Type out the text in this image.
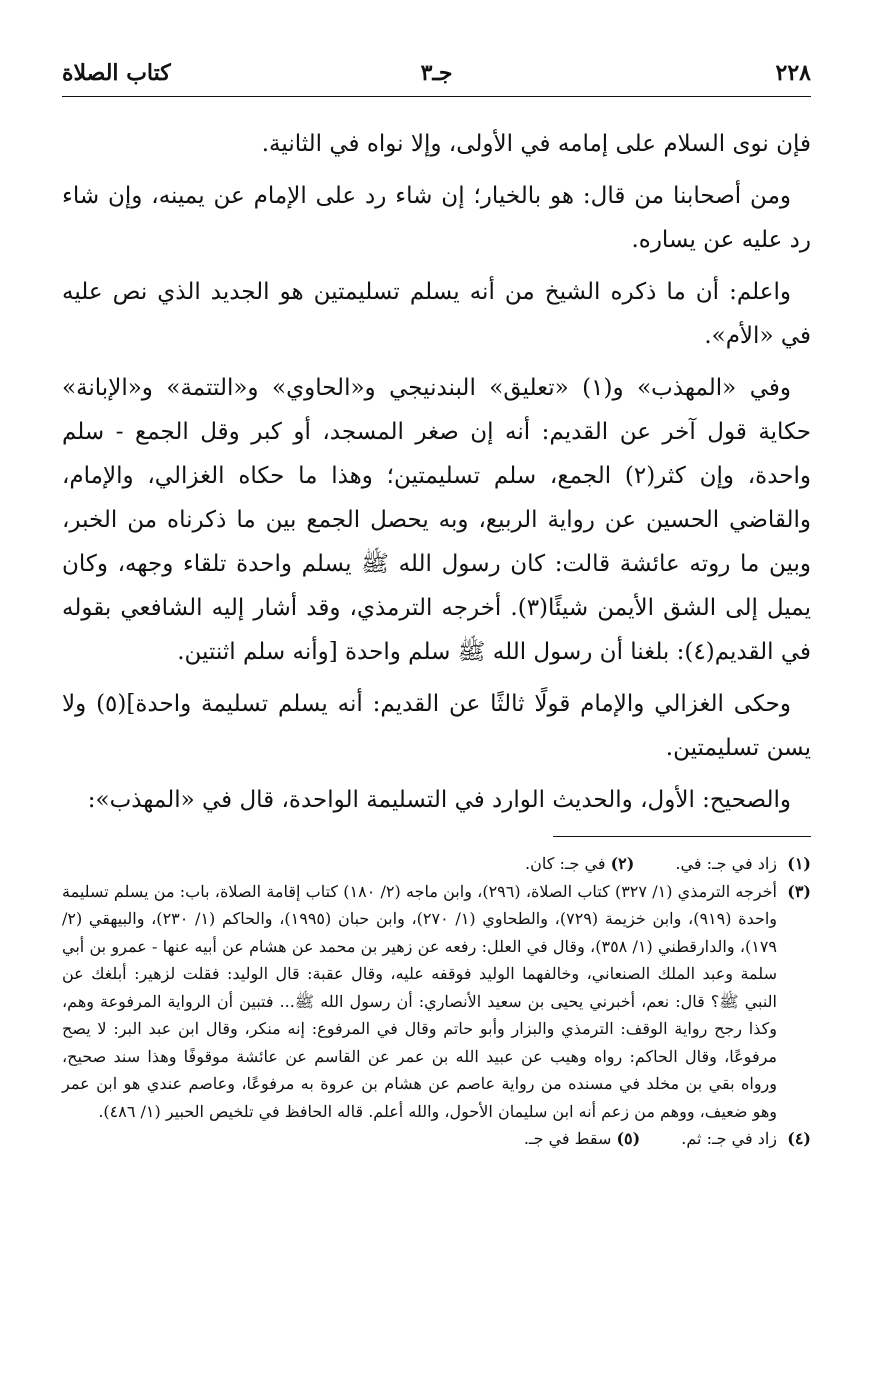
٢٢٨
جـ٣
كتاب الصلاة

فإن نوى السلام على إمامه في الأولى، وإلا نواه في الثانية.

ومن أصحابنا من قال: هو بالخيار؛ إن شاء رد على الإمام عن يمينه، وإن شاء رد عليه عن يساره.

واعلم: أن ما ذكره الشيخ من أنه يسلم تسليمتين هو الجديد الذي نص عليه في «الأم».

وفي «المهذب» و(١) «تعليق» البندنيجي و«الحاوي» و«التتمة» و«الإبانة» حكاية قول آخر عن القديم: أنه إن صغر المسجد، أو كبر وقل الجمع - سلم واحدة، وإن كثر(٢) الجمع، سلم تسليمتين؛ وهذا ما حكاه الغزالي، والإمام، والقاضي الحسين عن رواية الربيع، وبه يحصل الجمع بين ما ذكرناه من الخبر، وبين ما روته عائشة قالت: كان رسول الله ﷺ يسلم واحدة تلقاء وجهه، وكان يميل إلى الشق الأيمن شيئًا(٣). أخرجه الترمذي، وقد أشار إليه الشافعي بقوله في القديم(٤): بلغنا أن رسول الله ﷺ سلم واحدة [وأنه سلم اثنتين.

وحكى الغزالي والإمام قولًا ثالثًا عن القديم: أنه يسلم تسليمة واحدة](٥) ولا يسن تسليمتين.

والصحيح: الأول، والحديث الوارد في التسليمة الواحدة، قال في «المهذب»:

(١)
زاد في جـ: في. (٢) في جـ: كان.
(٣)
أخرجه الترمذي (١/ ٣٢٧) كتاب الصلاة، (٢٩٦)، وابن ماجه (٢/ ١٨٠) كتاب إقامة الصلاة، باب: من يسلم تسليمة واحدة (٩١٩)، وابن خزيمة (٧٢٩)، والطحاوي (١/ ٢٧٠)، وابن حبان (١٩٩٥)، والحاكم (١/ ٢٣٠)، والبيهقي (٢/ ١٧٩)، والدارقطني (١/ ٣٥٨)، وقال في العلل: رفعه عن زهير بن محمد عن هشام عن أبيه عنها - عمرو بن أبي سلمة وعبد الملك الصنعاني، وخالفهما الوليد فوقفه عليه، وقال عقبة: قال الوليد: فقلت لزهير: أبلغك عن النبي ﷺ؟ قال: نعم، أخبرني يحيى بن سعيد الأنصاري: أن رسول الله ﷺ... فتبين أن الرواية المرفوعة وهم، وكذا رجح رواية الوقف: الترمذي والبزار وأبو حاتم وقال في المرفوع: إنه منكر، وقال ابن عبد البر: لا يصح مرفوعًا، وقال الحاكم: رواه وهيب عن عبيد الله بن عمر عن القاسم عن عائشة موقوفًا وهذا سند صحيح، ورواه بقي بن مخلد في مسنده من رواية عاصم عن هشام بن عروة به مرفوعًا، وعاصم عندي هو ابن عمر وهو ضعيف، ووهم من زعم أنه ابن سليمان الأحول، والله أعلم. قاله الحافظ في تلخيص الحبير (١/ ٤٨٦).
(٤)
زاد في جـ: ثم. (٥) سقط في جـ.
